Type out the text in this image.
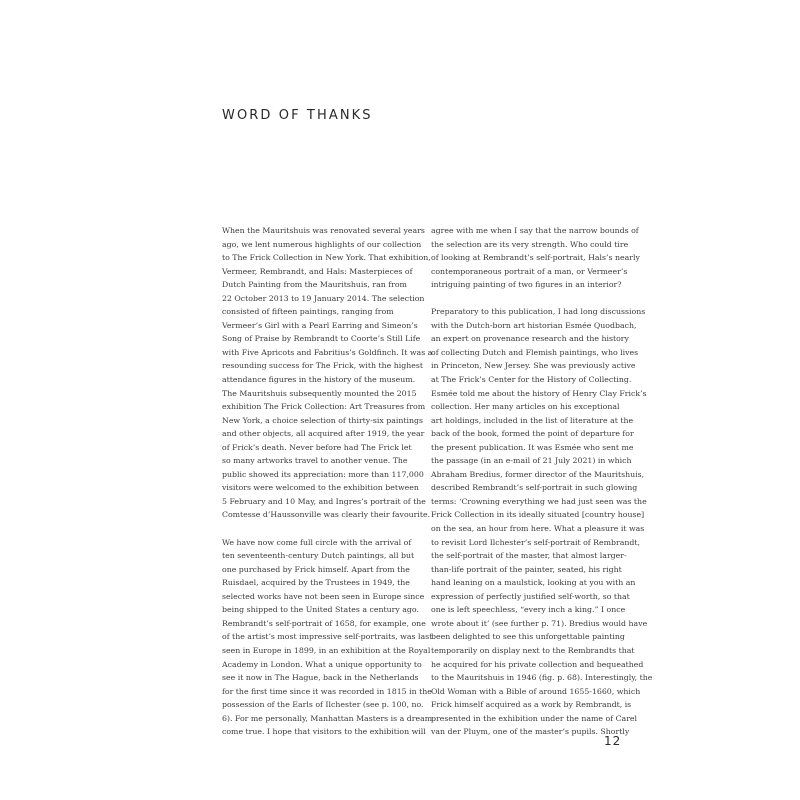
WORD OF THANKS
When the Mauritshuis was renovated several years
ago, we lent numerous highlights of our collection
to The Frick Collection in New York. That exhibition,
Vermeer, Rembrandt, and Hals: Masterpieces of
Dutch Painting from the Mauritshuis, ran from
22 October 2013 to 19 January 2014. The selection
consisted of fifteen paintings, ranging from
Vermeer’s Girl with a Pearl Earring and Simeon’s
Song of Praise by Rembrandt to Coorte’s Still Life
with Five Apricots and Fabritius’s Goldfinch. It was a
resounding success for The Frick, with the highest
attendance figures in the history of the museum.
The Mauritshuis subsequently mounted the 2015
exhibition The Frick Collection: Art Treasures from
New York, a choice selection of thirty-six paintings
and other objects, all acquired after 1919, the year
of Frick’s death. Never before had The Frick let
so many artworks travel to another venue. The
public showed its appreciation: more than 117,000
visitors were welcomed to the exhibition between
5 February and 10 May, and Ingres’s portrait of the
Comtesse d’Haussonville was clearly their favourite.
We have now come full circle with the arrival of
ten seventeenth-century Dutch paintings, all but
one purchased by Frick himself. Apart from the
Ruisdael, acquired by the Trustees in 1949, the
selected works have not been seen in Europe since
being shipped to the United States a century ago.
Rembrandt’s self-portrait of 1658, for example, one
of the artist’s most impressive self-portraits, was last
seen in Europe in 1899, in an exhibition at the Royal
Academy in London. What a unique opportunity to
see it now in The Hague, back in the Netherlands
for the first time since it was recorded in 1815 in the
possession of the Earls of Ilchester (see p. 100, no.
6). For me personally, Manhattan Masters is a dream
come true. I hope that visitors to the exhibition will
agree with me when I say that the narrow bounds of
the selection are its very strength. Who could tire
of looking at Rembrandt’s self-portrait, Hals’s nearly
contemporaneous portrait of a man, or Vermeer’s
intriguing painting of two figures in an interior?
Preparatory to this publication, I had long discussions
with the Dutch-born art historian Esmée Quodbach,
an expert on provenance research and the history
of collecting Dutch and Flemish paintings, who lives
in Princeton, New Jersey. She was previously active
at The Frick’s Center for the History of Collecting.
Esmée told me about the history of Henry Clay Frick’s
collection. Her many articles on his exceptional
art holdings, included in the list of literature at the
back of the book, formed the point of departure for
the present publication. It was Esmée who sent me
the passage (in an e-mail of 21 July 2021) in which
Abraham Bredius, former director of the Mauritshuis,
described Rembrandt’s self-portrait in such glowing
terms: ‘Crowning everything we had just seen was the
Frick Collection in its ideally situated [country house]
on the sea, an hour from here. What a pleasure it was
to revisit Lord Ilchester’s self-portrait of Rembrandt,
the self-portrait of the master, that almost larger-
than-life portrait of the painter, seated, his right
hand leaning on a maulstick, looking at you with an
expression of perfectly justified self-worth, so that
one is left speechless, “every inch a king.” I once
wrote about it’ (see further p. 71). Bredius would have
been delighted to see this unforgettable painting
temporarily on display next to the Rembrandts that
he acquired for his private collection and bequeathed
to the Mauritshuis in 1946 (fig. p. 68). Interestingly, the
Old Woman with a Bible of around 1655-1660, which
Frick himself acquired as a work by Rembrandt, is
presented in the exhibition under the name of Carel
van der Pluym, one of the master’s pupils. Shortly
12
